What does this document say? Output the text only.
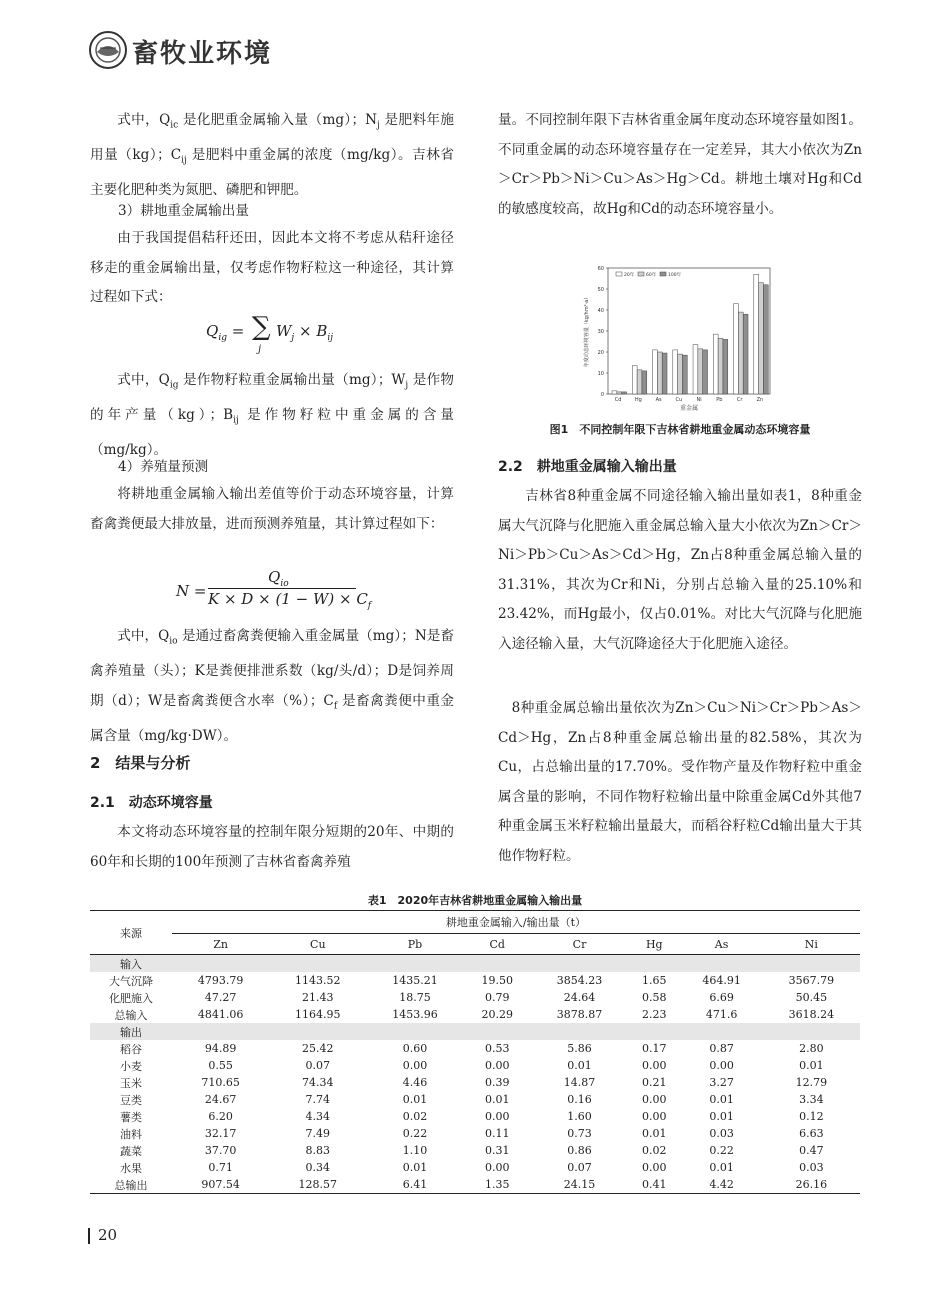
畜牧业环境

式中，$Q_{ic}$ 是化肥重金属输入量（mg）；$N_j$ 是肥料年施用量（kg）；$C_{ij}$ 是肥料中重金属的浓度（mg/kg）。吉林省主要化肥种类为氮肥、磷肥和钾肥。

3）耕地重金属输出量

由于我国提倡秸秆还田，因此本文将不考虑从秸秆途径移走的重金属输出量，仅考虑作物籽粒这一种途径，其计算过程如下式：

$Q_{ig}$ = ∑
j
$W_j \times B_{ij}$

式中，$Q_{ig}$ 是作物籽粒重金属输出量（mg）；$W_j$ 是作物的年产量（kg）；$B_{ij}$ 是作物籽粒中重金属的含量（mg/kg）。

4）养殖量预测

将耕地重金属输入输出差值等价于动态环境容量，计算畜禽粪便最大排放量，进而预测养殖量，其计算过程如下：

N =
$Q_{io}$
$K \times D \times (1 - W) \times C_f$

式中，$Q_{io}$ 是通过畜禽粪便输入重金属量（mg）；N是畜禽养殖量（头）；K是粪便排泄系数（kg/头/d）；D是饲养周期（d）；W是畜禽粪便含水率（%）；$C_f$ 是畜禽粪便中重金属含量（mg/kg·DW）。

2　结果与分析
2.1　动态环境容量

本文将动态环境容量的控制年限分短期的20年、中期的60年和长期的100年预测了吉林省畜禽养殖

量。不同控制年限下吉林省重金属年度动态环境容量如图1。不同重金属的动态环境容量存在一定差异，其大小依次为Zn＞Cr＞Pb＞Ni＞Cu＞As＞Hg＞Cd。耕地土壤对Hg和Cd的敏感度较高，故Hg和Cd的动态环境容量小。

0
10
20
30
40
50
60
Cd	Hg	As	Cu	Ni	Pb	Cr	Zn
重金属
年度动态环境容量（kg/hm²·a）
20年	60年	100年
图1　不同控制年限下吉林省耕地重金属动态环境容量
2.2　耕地重金属输入输出量

吉林省8种重金属不同途径输入输出量如表1，8种重金属大气沉降与化肥施入重金属总输入量大小依次为Zn＞Cr＞Ni＞Pb＞Cu＞As＞Cd＞Hg，Zn占8种重金属总输入量的31.31%，其次为Cr和Ni，分别占总输入量的25.10%和23.42%，而Hg最小，仅占0.01%。对比大气沉降与化肥施入途径输入量，大气沉降途径大于化肥施入途径。

8种重金属总输出量依次为Zn＞Cu＞Ni＞Cr＞Pb＞As＞Cd＞Hg，Zn占8种重金属总输出量的82.58%，其次为Cu，占总输出量的17.70%。受作物产量及作物籽粒中重金属含量的影响，不同作物籽粒输出量中除重金属Cd外其他7种重金属玉米籽粒输出量最大，而稻谷籽粒Cd输出量大于其他作物籽粒。

表1　2020年吉林省耕地重金属输入输出量
来源	耕地重金属输入/输出量（t）							
	Zn	Cu	Pb	Cd	Cr	Hg	As	Ni
输入								
大气沉降	4793.79	1143.52	1435.21	19.50	3854.23	1.65	464.91	3567.79
化肥施入	47.27	21.43	18.75	0.79	24.64	0.58	6.69	50.45
总输入	4841.06	1164.95	1453.96	20.29	3878.87	2.23	471.6	3618.24
输出								
稻谷	94.89	25.42	0.60	0.53	5.86	0.17	0.87	2.80
小麦	0.55	0.07	0.00	0.00	0.01	0.00	0.00	0.01
玉米	710.65	74.34	4.46	0.39	14.87	0.21	3.27	12.79
豆类	24.67	7.74	0.01	0.01	0.16	0.00	0.01	3.34
薯类	6.20	4.34	0.02	0.00	1.60	0.00	0.01	0.12
油料	32.17	7.49	0.22	0.11	0.73	0.01	0.03	6.63
蔬菜	37.70	8.83	1.10	0.31	0.86	0.02	0.22	0.47
水果	0.71	0.34	0.01	0.00	0.07	0.00	0.01	0.03
总输出	907.54	128.57	6.41	1.35	24.15	0.41	4.42	26.16
20
